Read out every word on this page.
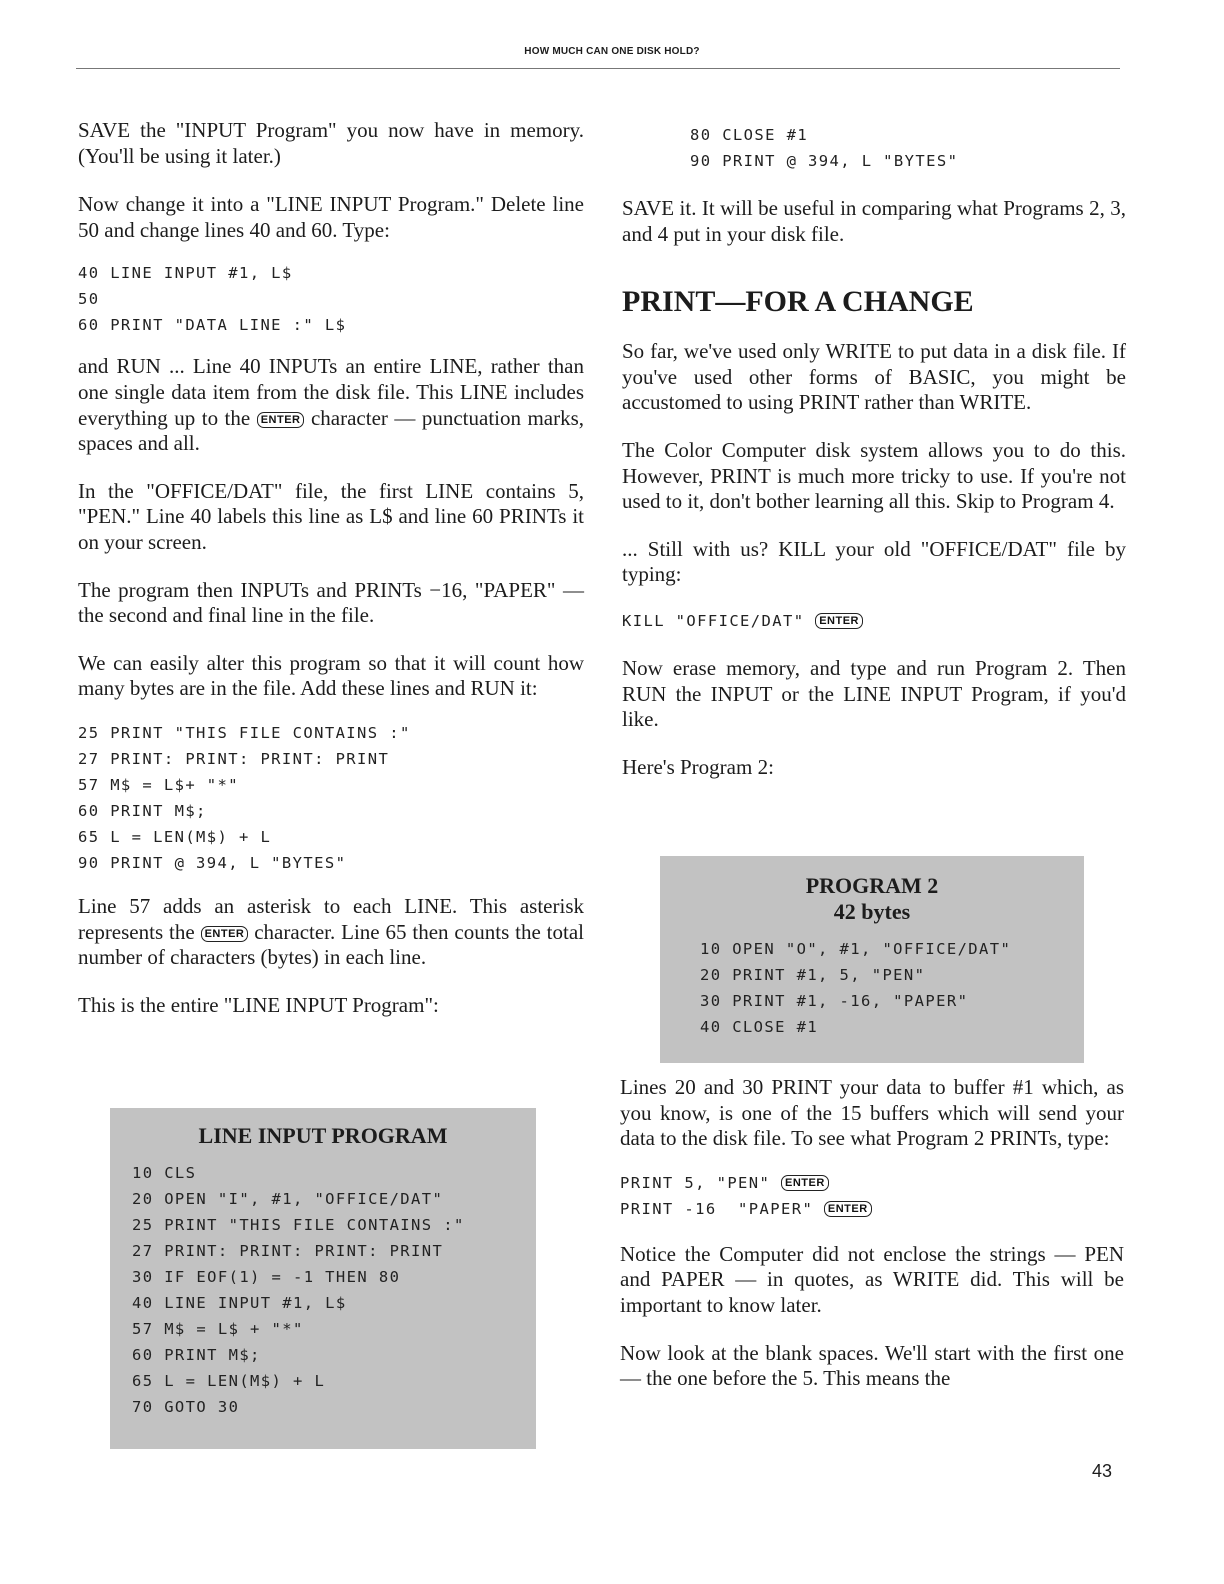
HOW MUCH CAN ONE DISK HOLD?

SAVE the "INPUT Program" you now have in memory. (You'll be using it later.)

Now change it into a "LINE INPUT Program." Delete line 50 and change lines 40 and 60. Type:

40 LINE INPUT #1, L$
50
60 PRINT "DATA LINE :" L$

and RUN ... Line 40 INPUTs an entire LINE, rather than one single data item from the disk file. This LINE includes everything up to the ENTER character — punctuation marks, spaces and all.

In the "OFFICE/DAT" file, the first LINE contains 5, "PEN." Line 40 labels this line as L$ and line 60 PRINTs it on your screen.

The program then INPUTs and PRINTs −16, "PAPER" — the second and final line in the file.

We can easily alter this program so that it will count how many bytes are in the file. Add these lines and RUN it:

25 PRINT "THIS FILE CONTAINS :"
27 PRINT: PRINT: PRINT: PRINT
57 M$ = L$+ "*"
60 PRINT M$;
65 L = LEN(M$) + L
90 PRINT @ 394, L "BYTES"

Line 57 adds an asterisk to each LINE. This asterisk represents the ENTER character. Line 65 then counts the total number of characters (bytes) in each line.

This is the entire "LINE INPUT Program":

LINE INPUT PROGRAM
10 CLS
20 OPEN "I", #1, "OFFICE/DAT"
25 PRINT "THIS FILE CONTAINS :"
27 PRINT: PRINT: PRINT: PRINT
30 IF EOF(1) = -1 THEN 80
40 LINE INPUT #1, L$
57 M$ = L$ + "*"
60 PRINT M$;
65 L = LEN(M$) + L
70 GOTO 30
80 CLOSE #1
90 PRINT @ 394, L "BYTES"

SAVE it. It will be useful in comparing what Programs 2, 3, and 4 put in your disk file.

PRINT—FOR A CHANGE

So far, we've used only WRITE to put data in a disk file. If you've used other forms of BASIC, you might be accustomed to using PRINT rather than WRITE.

The Color Computer disk system allows you to do this. However, PRINT is much more tricky to use. If you're not used to it, don't bother learning all this. Skip to Program 4.

... Still with us? KILL your old "OFFICE/DAT" file by typing:

KILL "OFFICE/DAT" ENTER

Now erase memory, and type and run Program 2. Then RUN the INPUT or the LINE INPUT Program, if you'd like.

Here's Program 2:

PROGRAM 2
42 bytes
10 OPEN "O", #1, "OFFICE/DAT"
20 PRINT #1, 5, "PEN"
30 PRINT #1, -16, "PAPER"
40 CLOSE #1

Lines 20 and 30 PRINT your data to buffer #1 which, as you know, is one of the 15 buffers which will send your data to the disk file. To see what Program 2 PRINTs, type:

PRINT 5, "PEN" ENTER
PRINT -16  "PAPER" ENTER

Notice the Computer did not enclose the strings — PEN and PAPER — in quotes, as WRITE did. This will be important to know later.

Now look at the blank spaces. We'll start with the first one — the one before the 5. This means the

43
